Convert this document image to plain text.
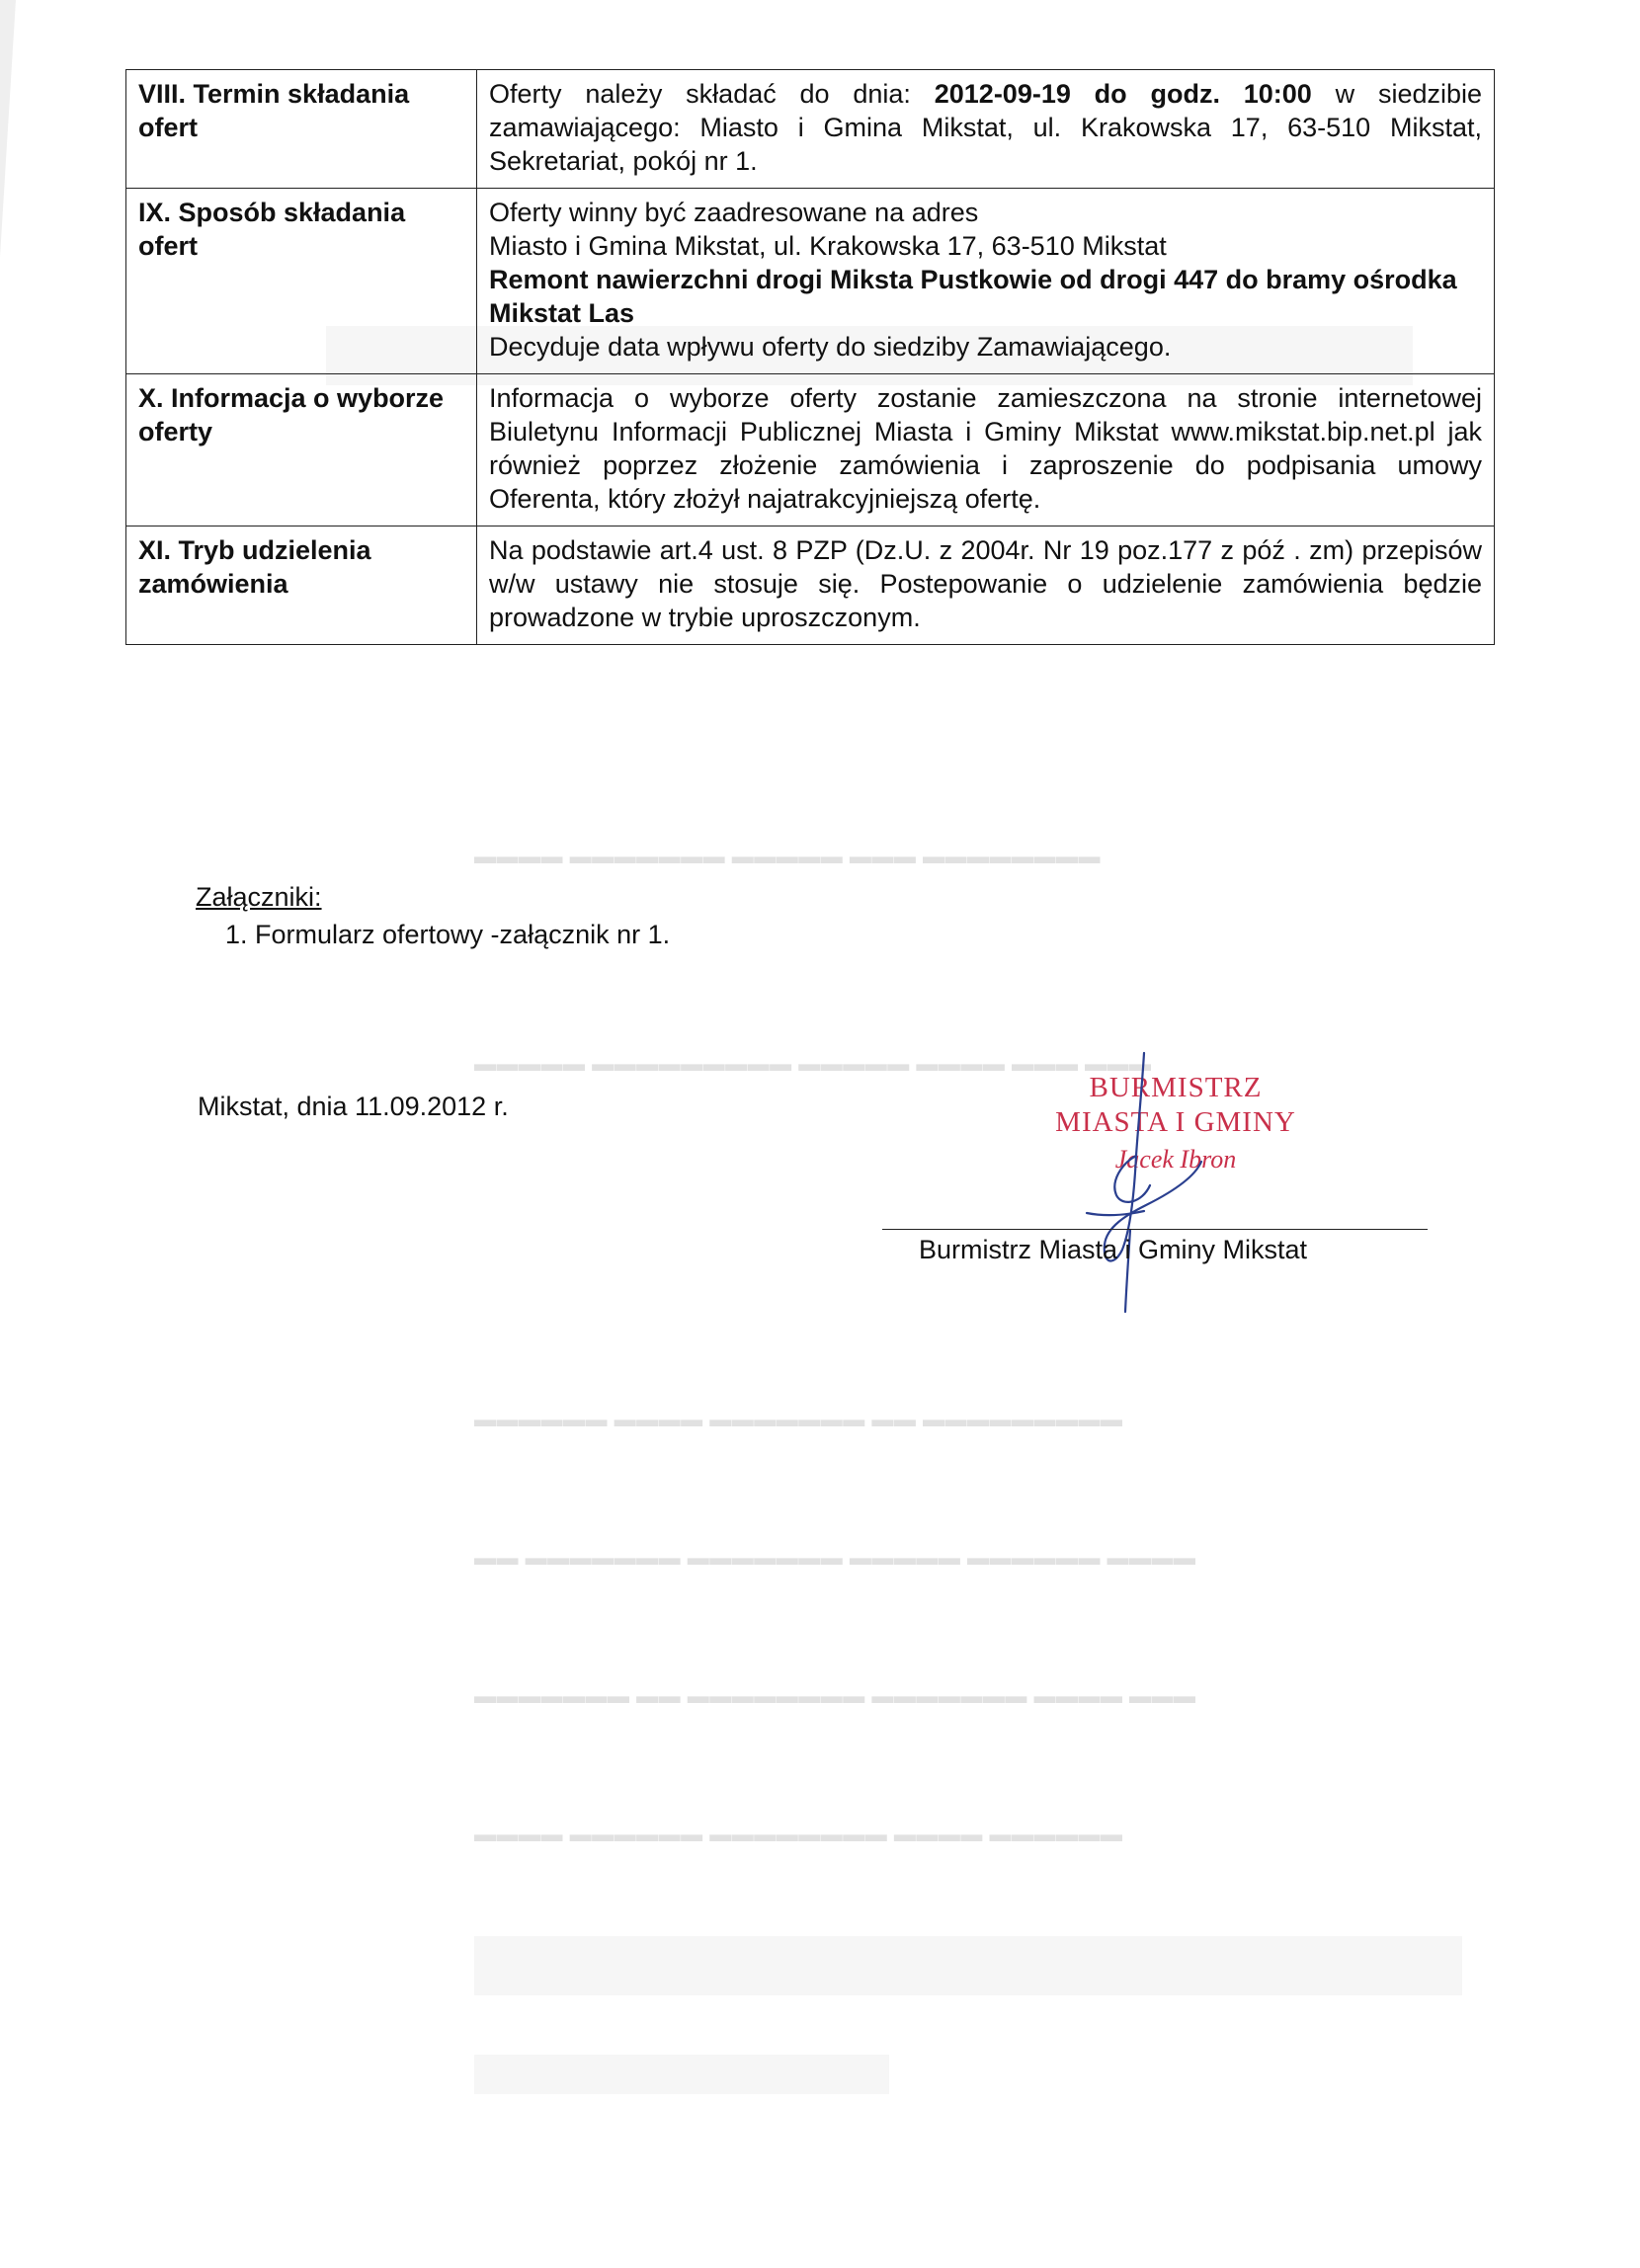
▬▬▬▬ ▬▬▬▬▬▬▬ ▬▬▬▬▬ ▬▬▬ ▬▬▬▬▬▬▬▬
▬▬▬▬▬ ▬▬▬▬▬▬▬▬▬ ▬▬▬▬▬ ▬▬▬▬ ▬▬▬ ▬▬▬
▬▬▬▬▬▬ ▬▬▬▬ ▬▬▬▬▬▬▬ ▬▬ ▬▬▬▬▬▬▬▬▬
▬▬ ▬▬▬▬▬▬▬ ▬▬▬▬▬▬▬ ▬▬▬▬▬ ▬▬▬▬▬▬ ▬▬▬▬
▬▬▬▬▬▬▬ ▬▬ ▬▬▬▬▬▬▬▬ ▬▬▬▬▬▬▬ ▬▬▬▬ ▬▬▬
▬▬▬▬ ▬▬▬▬▬▬ ▬▬▬▬▬▬▬▬ ▬▬▬▬ ▬▬▬▬▬▬
VIII. Termin składania ofert	Oferty należy składać do dnia: 2012-09-19 do godz. 10:00 w siedzibie zamawiającego: Miasto i Gmina Mikstat, ul. Krakowska 17, 63-510 Mikstat, Sekretariat, pokój nr 1.
IX. Sposób składania ofert	Oferty winny być zaadresowane na adres
Miasto i Gmina Mikstat, ul. Krakowska 17, 63-510 Mikstat
Remont nawierzchni drogi Miksta Pustkowie od drogi 447 do bramy ośrodka Mikstat Las
Decyduje data wpływu oferty do siedziby Zamawiającego.

X. Informacja o wyborze oferty	Informacja o wyborze oferty zostanie zamieszczona na stronie internetowej Biuletynu Informacji Publicznej Miasta i Gminy Mikstat www.mikstat.bip.net.pl jak również poprzez złożenie zamówienia i zaproszenie do podpisania umowy Oferenta, który złożył najatrakcyjniejszą ofertę.
XI. Tryb udzielenia zamówienia	Na podstawie art.4 ust. 8 PZP (Dz.U. z 2004r. Nr 19 poz.177 z póź . zm) przepisów w/w ustawy nie stosuje się. Postepowanie o udzielenie zamówienia będzie prowadzone w trybie uproszczonym.
Załączniki:
1. Formularz ofertowy -załącznik nr 1.
Mikstat, dnia 11.09.2012 r.
BURMISTRZ
MIASTA I GMINY
Jacek Ibron
Burmistrz Miasta i Gminy Mikstat
